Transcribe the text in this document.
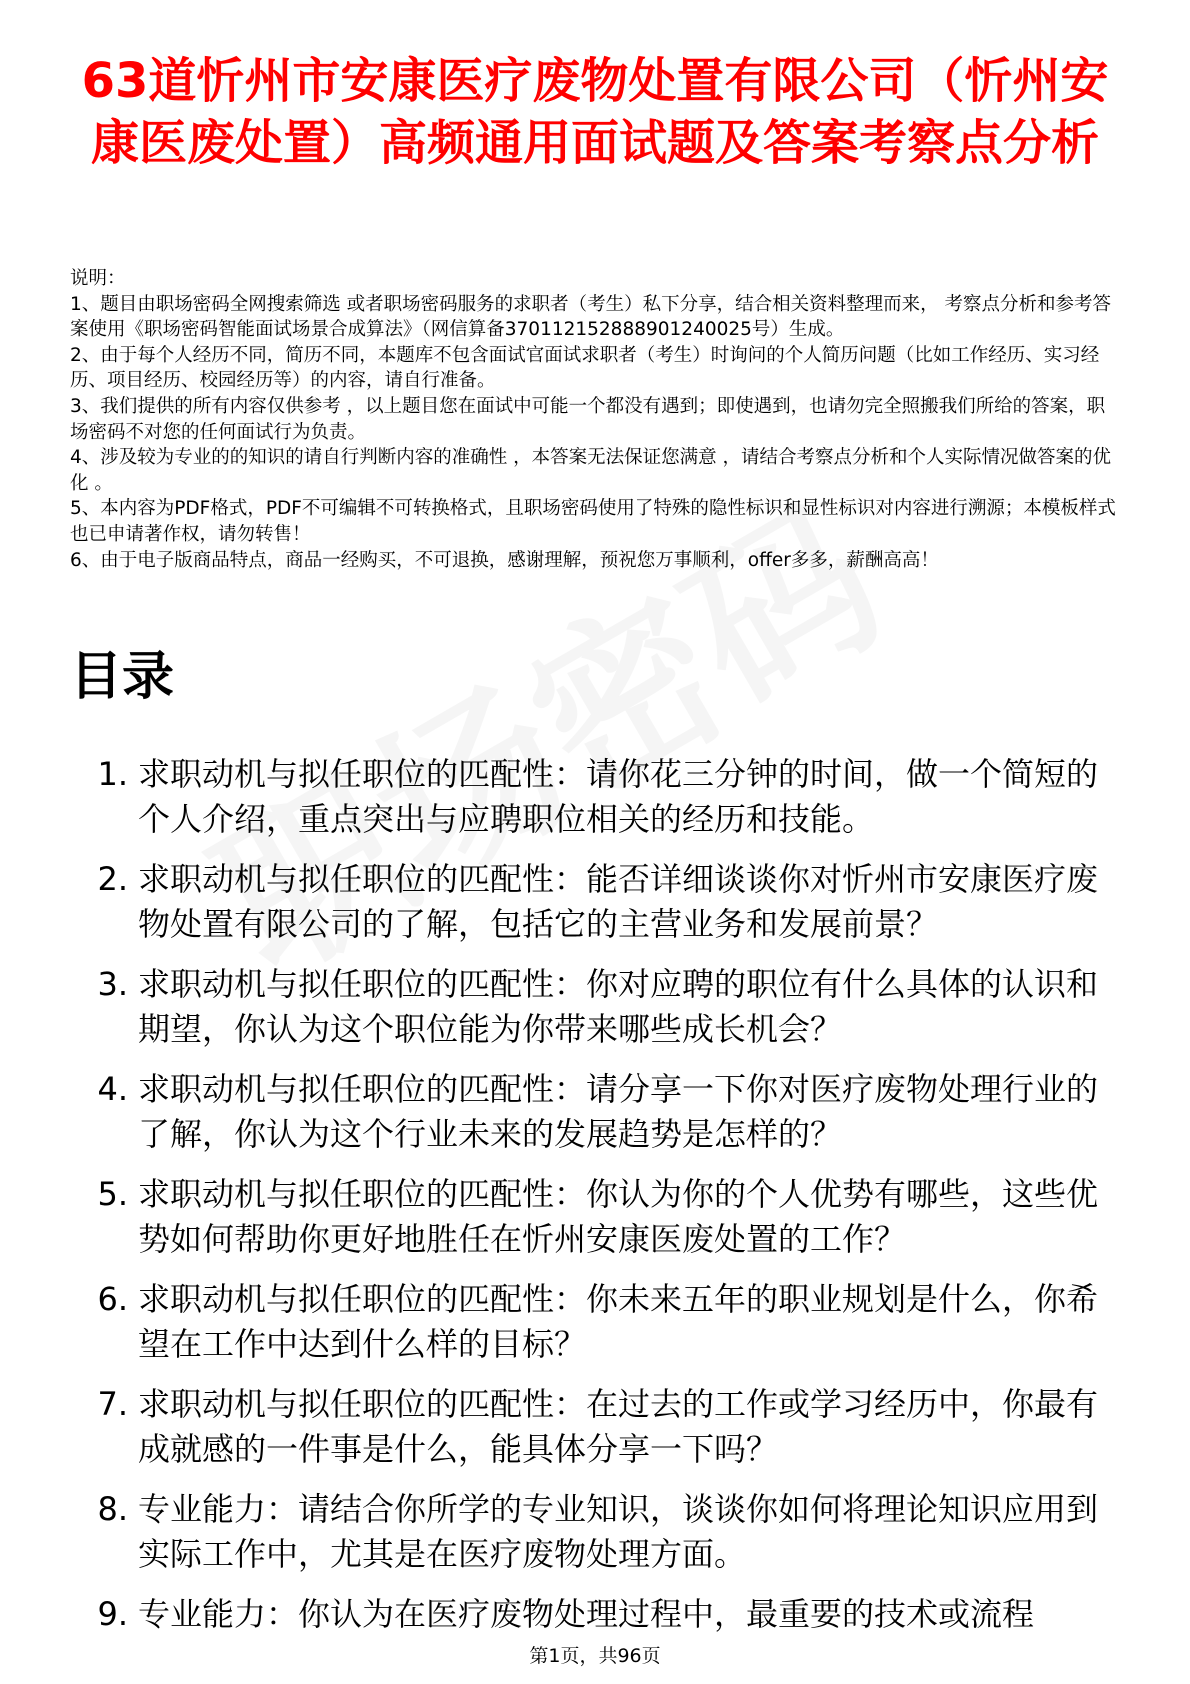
63道忻州市安康医疗废物处置有限公司（忻州安康医废处置）高频通用面试题及答案考察点分析

说明：

1、题目由职场密码全网搜索筛选 或者职场密码服务的求职者（考生）私下分享，结合相关资料整理而来， 考察点分析和参考答案使用《职场密码智能面试场景合成算法》（网信算备370112152888901240025号）生成。

2、由于每个人经历不同，简历不同，本题库不包含面试官面试求职者（考生）时询问的个人简历问题（比如工作经历、实习经历、项目经历、校园经历等）的内容，请自行准备。

3、我们提供的所有内容仅供参考 ，以上题目您在面试中可能一个都没有遇到；即使遇到，也请勿完全照搬我们所给的答案，职场密码不对您的任何面试行为负责。

4、涉及较为专业的的知识的请自行判断内容的准确性 ，本答案无法保证您满意 ，请结合考察点分析和个人实际情况做答案的优化 。

5、本内容为PDF格式，PDF不可编辑不可转换格式，且职场密码使用了特殊的隐性标识和显性标识对内容进行溯源；本模板样式也已申请著作权，请勿转售！

6、由于电子版商品特点，商品一经购买，不可退换，感谢理解，预祝您万事顺利，offer多多，薪酬高高！

目录
1. 求职动机与拟任职位的匹配性：请你花三分钟的时间，做一个简短的个人介绍，重点突出与应聘职位相关的经历和技能。
2. 求职动机与拟任职位的匹配性：能否详细谈谈你对忻州市安康医疗废物处置有限公司的了解，包括它的主营业务和发展前景？
3. 求职动机与拟任职位的匹配性：你对应聘的职位有什么具体的认识和期望，你认为这个职位能为你带来哪些成长机会？
4. 求职动机与拟任职位的匹配性：请分享一下你对医疗废物处理行业的了解，你认为这个行业未来的发展趋势是怎样的？
5. 求职动机与拟任职位的匹配性：你认为你的个人优势有哪些，这些优势如何帮助你更好地胜任在忻州安康医废处置的工作？
6. 求职动机与拟任职位的匹配性：你未来五年的职业规划是什么，你希望在工作中达到什么样的目标？
7. 求职动机与拟任职位的匹配性：在过去的工作或学习经历中，你最有成就感的一件事是什么，能具体分享一下吗？
8. 专业能力：请结合你所学的专业知识，谈谈你如何将理论知识应用到实际工作中，尤其是在医疗废物处理方面。
9. 专业能力：你认为在医疗废物处理过程中，最重要的技术或流程
第1页，共96页
